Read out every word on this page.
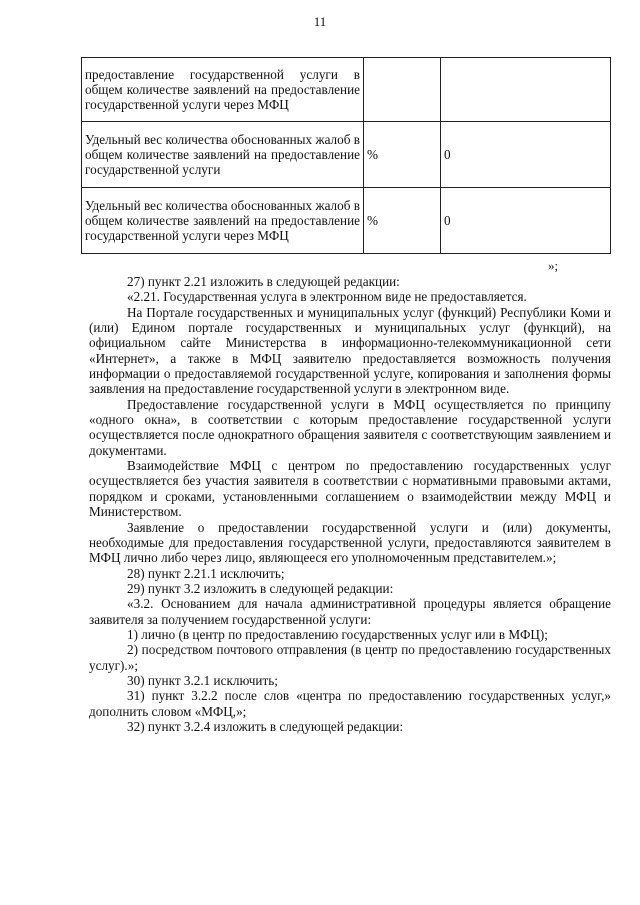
11
предоставление государственной услуги в общем количестве заявлений на предоставление государственной услуги через МФЦ		
Удельный вес количества обоснованных жалоб в общем количестве заявлений на предоставление государственной услуги	%	0
Удельный вес количества обоснованных жалоб в общем количестве заявлений на предоставление государственной услуги через МФЦ	%	0
»;

27) пункт 2.21 изложить в следующей редакции:

«2.21. Государственная услуга в электронном виде не предоставляется.

На Портале государственных и муниципальных услуг (функций) Республики Коми и (или) Едином портале государственных и муниципальных услуг (функций), на официальном сайте Министерства в информационно-телекоммуникационной сети «Интернет», а также в МФЦ заявителю предоставляется возможность получения информации о предоставляемой государственной услуге, копирования и заполнения формы заявления на предоставление государственной услуги в электронном виде.

Предоставление государственной услуги в МФЦ осуществляется по принципу «одного окна», в соответствии с которым предоставление государственной услуги осуществляется после однократного обращения заявителя с соответствующим заявлением и документами.

Взаимодействие МФЦ с центром по предоставлению государственных услуг осуществляется без участия заявителя в соответствии с нормативными правовыми актами, порядком и сроками, установленными соглашением о взаимодействии между МФЦ и Министерством.

Заявление о предоставлении государственной услуги и (или) документы, необходимые для предоставления государственной услуги, предоставляются заявителем в МФЦ лично либо через лицо, являющееся его уполномоченным представителем.»;

28) пункт 2.21.1 исключить;

29) пункт 3.2 изложить в следующей редакции:

«3.2. Основанием для начала административной процедуры является обращение заявителя за получением государственной услуги:

1) лично (в центр по предоставлению государственных услуг или в МФЦ);

2) посредством почтового отправления (в центр по предоставлению государственных услуг).»;

30) пункт 3.2.1 исключить;

31) пункт 3.2.2 после слов «центра по предоставлению государственных услуг,» дополнить словом «МФЦ,»;

32) пункт 3.2.4 изложить в следующей редакции:
